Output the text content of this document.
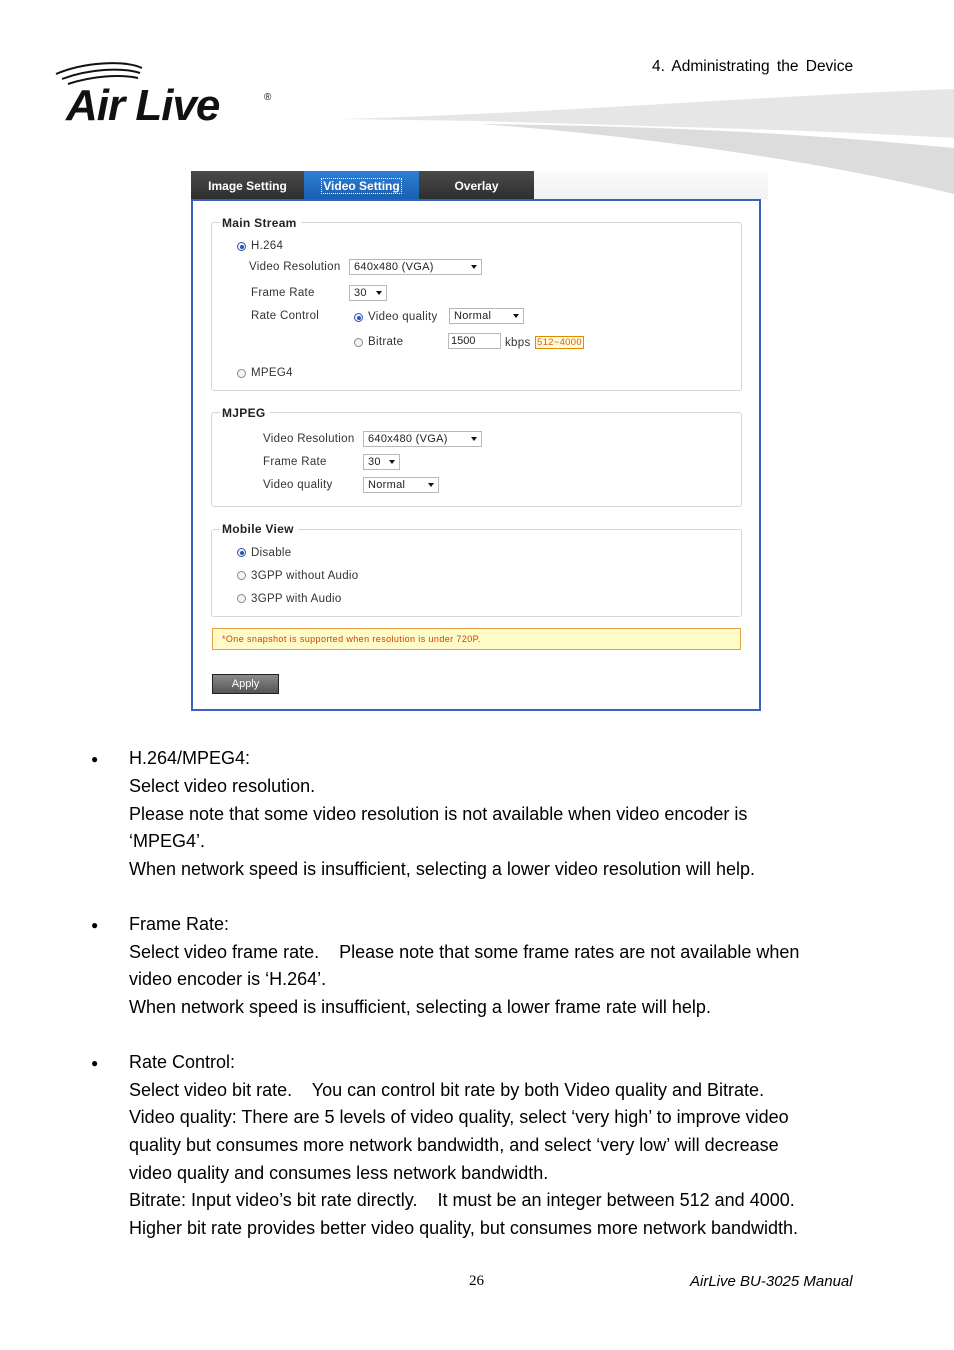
4. Administrating the Device
Air Live	®
Image Setting	Video Setting	Overlay
Main Stream
H.264
Video Resolution	640x480 (VGA)
Frame Rate	30
Rate Control	Video quality	Normal
Bitrate	1500	kbps 512~4000
MPEG4
MJPEG
Video Resolution	640x480 (VGA)
Frame Rate	30
Video quality	Normal
Mobile View
Disable
3GPP without Audio
3GPP with Audio
*One snapshot is supported when resolution is under 720P.
Apply
● H.264/MPEG4:
Select video resolution.
Please note that some video resolution is not available when video encoder is
‘MPEG4’.
When network speed is insufficient, selecting a lower video resolution will help.
● Frame Rate:
Select video frame rate.    Please note that some frame rates are not available when
video encoder is ‘H.264’.
When network speed is insufficient, selecting a lower frame rate will help.
● Rate Control:
Select video bit rate.    You can control bit rate by both Video quality and Bitrate.
Video quality: There are 5 levels of video quality, select ‘very high’ to improve video
quality but consumes more network bandwidth, and select ‘very low’ will decrease
video quality and consumes less network bandwidth.
Bitrate: Input video’s bit rate directly.    It must be an integer between 512 and 4000.
Higher bit rate provides better video quality, but consumes more network bandwidth.
26	AirLive BU-3025 Manual
